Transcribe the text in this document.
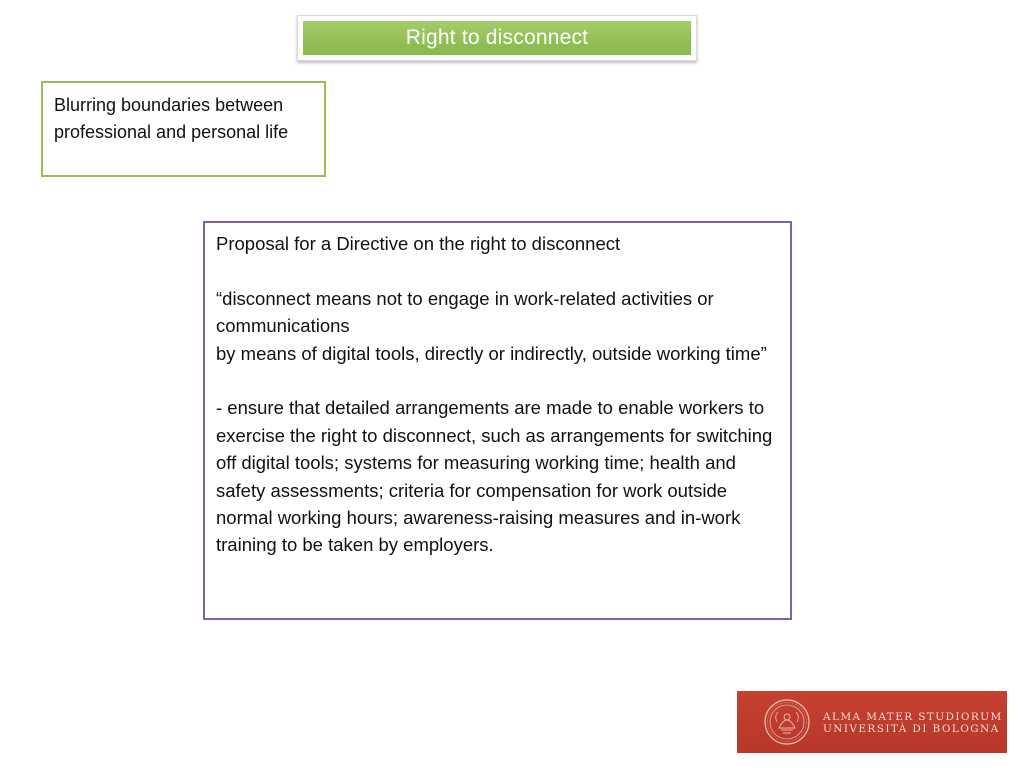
Right to disconnect
Blurring boundaries between professional and personal life

Proposal for a Directive on the right to disconnect

“disconnect means not to engage in work-related activities or communications

by means of digital tools, directly or indirectly, outside working time”

- ensure that detailed arrangements are made to enable workers to exercise the right to disconnect, such as arrangements for switching off digital tools; systems for measuring working time; health and safety assessments; criteria for compensation for work outside normal working hours; awareness-raising measures and in-work training to be taken by employers.

ALMA MATER STUDIORUM
UNIVERSITÀ DI BOLOGNA
